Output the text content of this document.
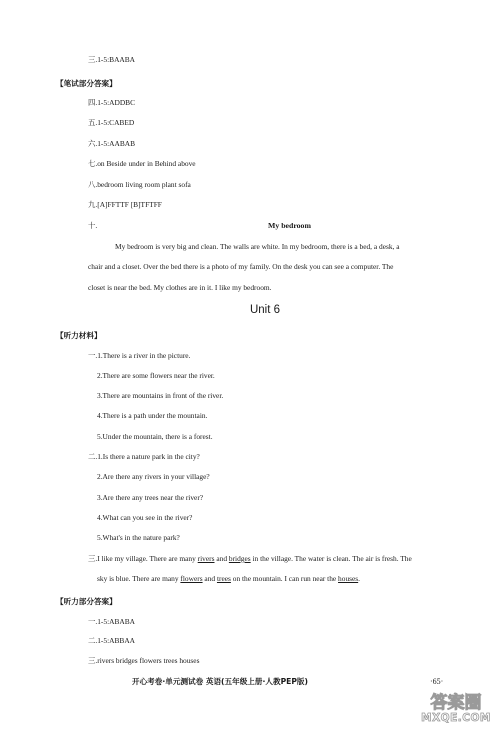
三.1-5:BAABA
【笔试部分答案】
四.1-5:ADDBC
五.1-5:CABED
六.1-5:AABAB
七.on Beside under in Behind above
八.bedroom living room plant sofa
九.[A]FFTTF [B]TFTFF
十.	My bedroom
My bedroom is very big and clean. The walls are white. In my bedroom, there is a bed, a desk, a
chair and a closet. Over the bed there is a photo of my family. On the desk you can see a computer. The
closet is near the bed. My clothes are in it. I like my bedroom.
Unit 6
【听力材料】
一.1.There is a river in the picture.
2.There are some flowers near the river.
3.There are mountains in front of the river.
4.There is a path under the mountain.
5.Under the mountain, there is a forest.
二.1.Is there a nature park in the city?
2.Are there any rivers in your village?
3.Are there any trees near the river?
4.What can you see in the river?
5.What's in the nature park?
三.I like my village. There are many rivers and bridges in the village. The water is clean. The air is fresh. The
sky is blue. There are many flowers and trees on the mountain. I can run near the houses.
【听力部分答案】
一.1-5:ABABA
二.1-5:ABBAA
三.rivers bridges flowers trees houses
开心考卷·单元测试卷 英语(五年级上册·人教PEP版)	·65·
答案圈
MXQE.COM
